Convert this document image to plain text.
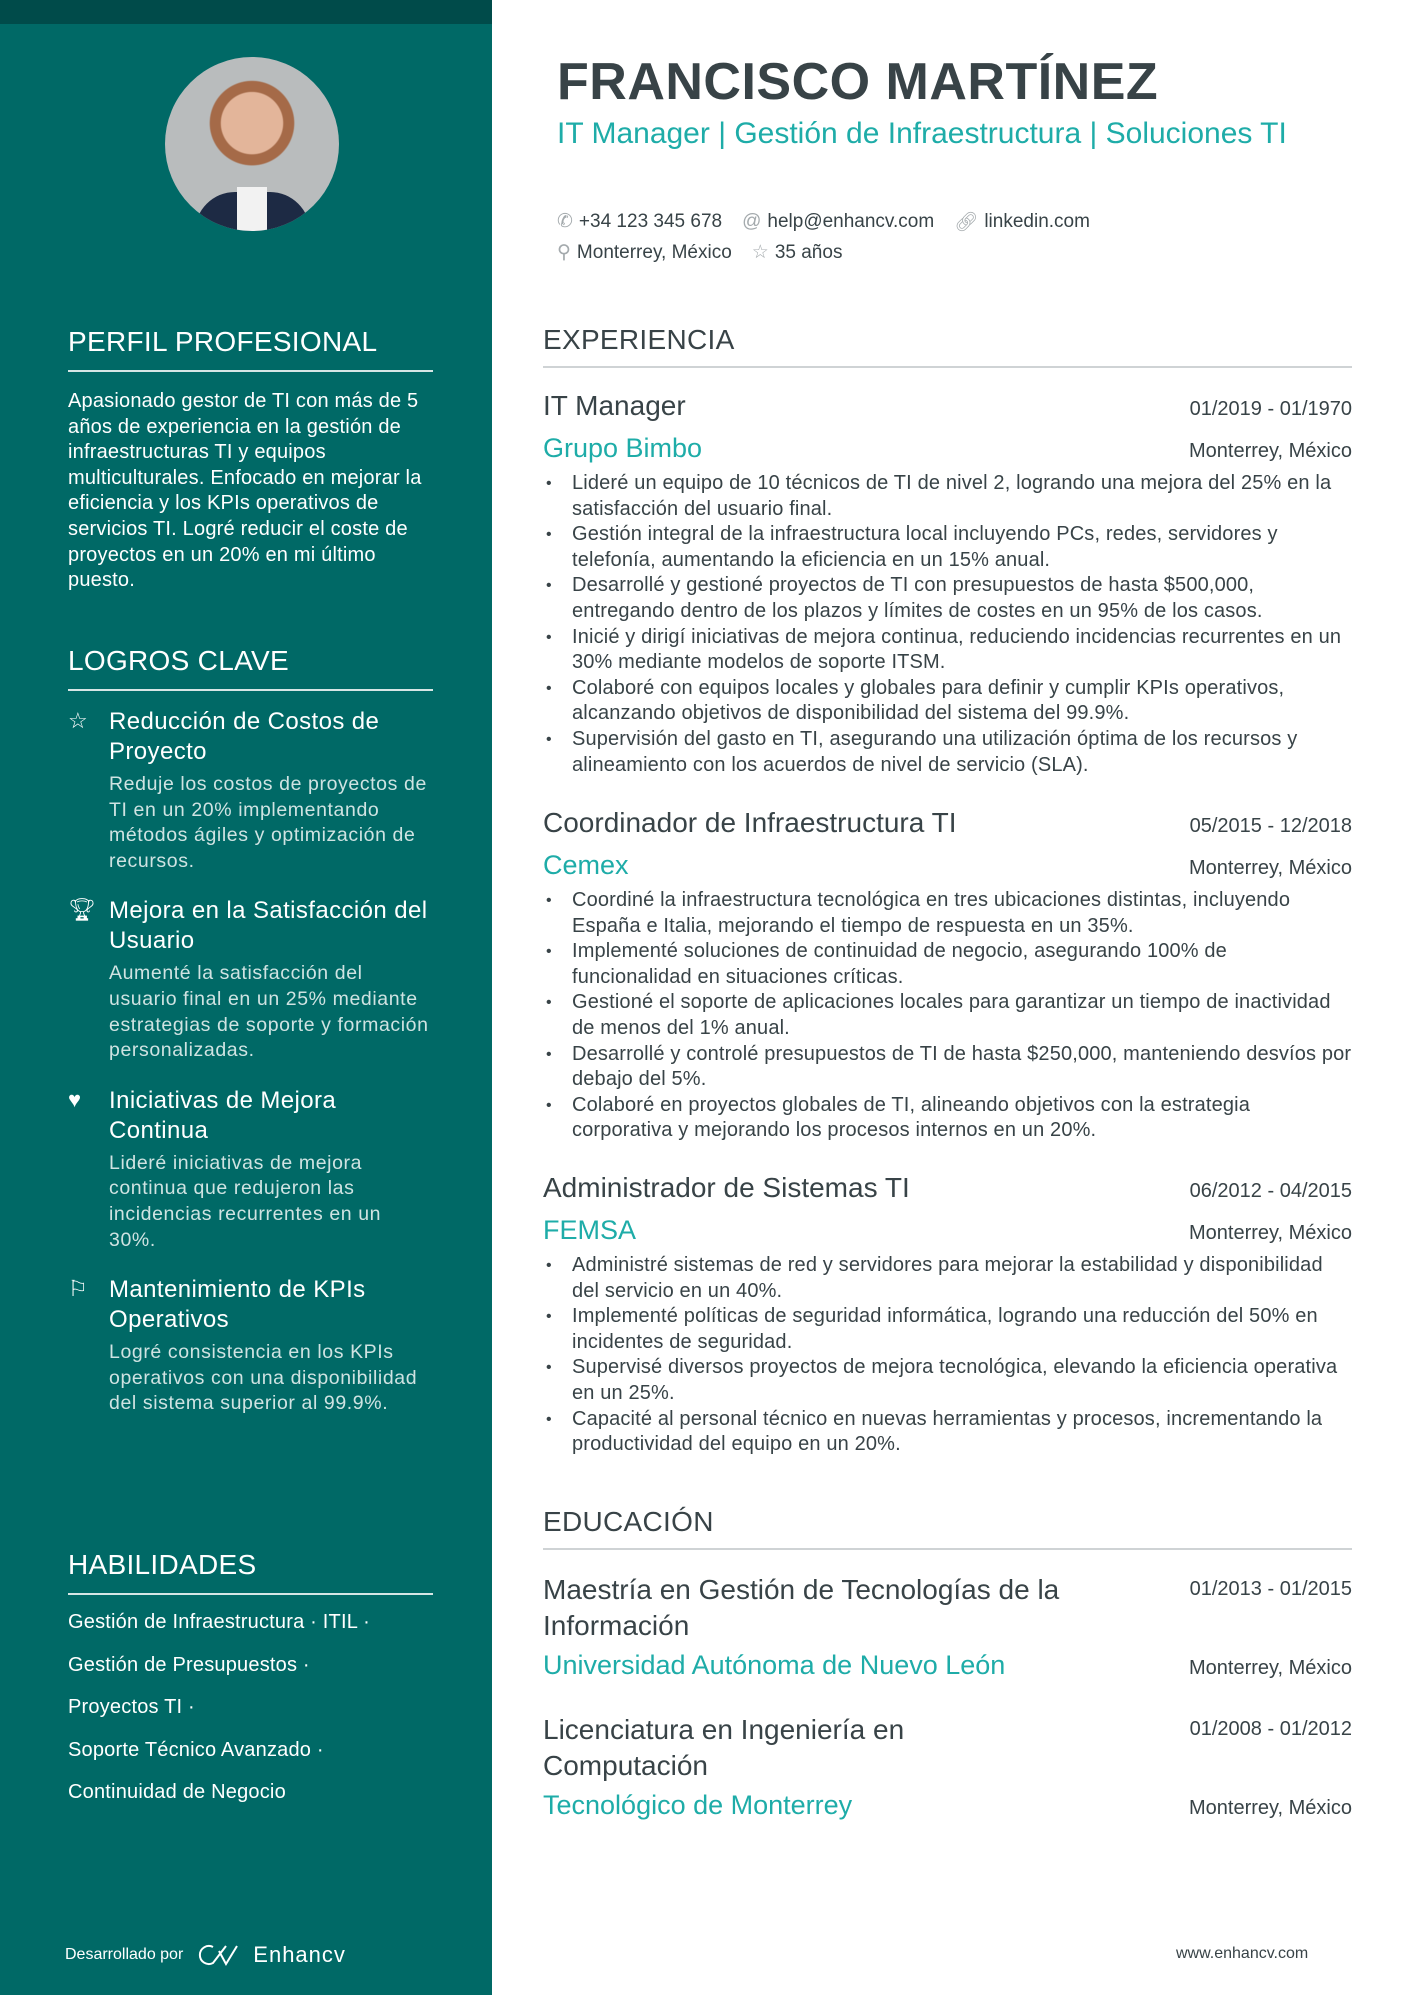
PERFIL PROFESIONAL
Apasionado gestor de TI con más de 5 años de experiencia en la gestión de infraestructuras TI y equipos multiculturales. Enfocado en mejorar la eficiencia y los KPIs operativos de servicios TI. Logré reducir el coste de proyectos en un 20% en mi último puesto.
LOGROS CLAVE
☆ Reducción de Costos de Proyecto
Reduje los costos de proyectos de TI en un 20% implementando métodos ágiles y optimización de recursos.
🏆︎ Mejora en la Satisfacción del Usuario
Aumenté la satisfacción del usuario final en un 25% mediante estrategias de soporte y formación personalizadas.
♥	Iniciativas de Mejora Continua
Lideré iniciativas de mejora continua que redujeron las incidencias recurrentes en un 30%.
⚐ Mantenimiento de KPIs Operativos
Logré consistencia en los KPIs operativos con una disponibilidad del sistema superior al 99.9%.
HABILIDADES
Gestión de Infraestructura · ITIL ·
Gestión de Presupuestos ·
Proyectos TI ·
Soporte Técnico Avanzado ·
Continuidad de Negocio
Desarrollado por	Enhancv
FRANCISCO MARTÍNEZ
IT Manager | Gestión de Infraestructura | Soluciones TI
✆ +34 123 345 678 @ help@enhancv.com 🔗︎ linkedin.com
⚲ Monterrey, México ☆ 35 años
EXPERIENCIA
IT Manager	01/2019 - 01/1970
Grupo Bimbo	Monterrey, México
• Lideré un equipo de 10 técnicos de TI de nivel 2, logrando una mejora del 25% en la satisfacción del usuario final.
• Gestión integral de la infraestructura local incluyendo PCs, redes, servidores y telefonía, aumentando la eficiencia en un 15% anual.
• Desarrollé y gestioné proyectos de TI con presupuestos de hasta $500,000, entregando dentro de los plazos y límites de costes en un 95% de los casos.
• Inicié y dirigí iniciativas de mejora continua, reduciendo incidencias recurrentes en un 30% mediante modelos de soporte ITSM.
• Colaboré con equipos locales y globales para definir y cumplir KPIs operativos, alcanzando objetivos de disponibilidad del sistema del 99.9%.
• Supervisión del gasto en TI, asegurando una utilización óptima de los recursos y alineamiento con los acuerdos de nivel de servicio (SLA).
Coordinador de Infraestructura TI	05/2015 - 12/2018
Cemex	Monterrey, México
• Coordiné la infraestructura tecnológica en tres ubicaciones distintas, incluyendo España e Italia, mejorando el tiempo de respuesta en un 35%.
• Implementé soluciones de continuidad de negocio, asegurando 100% de funcionalidad en situaciones críticas.
• Gestioné el soporte de aplicaciones locales para garantizar un tiempo de inactividad de menos del 1% anual.
• Desarrollé y controlé presupuestos de TI de hasta $250,000, manteniendo desvíos por debajo del 5%.
• Colaboré en proyectos globales de TI, alineando objetivos con la estrategia corporativa y mejorando los procesos internos en un 20%.
Administrador de Sistemas TI	06/2012 - 04/2015
FEMSA	Monterrey, México
• Administré sistemas de red y servidores para mejorar la estabilidad y disponibilidad del servicio en un 40%.
• Implementé políticas de seguridad informática, logrando una reducción del 50% en incidentes de seguridad.
• Supervisé diversos proyectos de mejora tecnológica, elevando la eficiencia operativa en un 25%.
• Capacité al personal técnico en nuevas herramientas y procesos, incrementando la productividad del equipo en un 20%.
EDUCACIÓN
Maestría en Gestión de Tecnologías de la Información
01/2013 - 01/2015
Universidad Autónoma de Nuevo León	Monterrey, México
Licenciatura en Ingeniería en Computación
01/2008 - 01/2012
Tecnológico de Monterrey	Monterrey, México
www.enhancv.com
